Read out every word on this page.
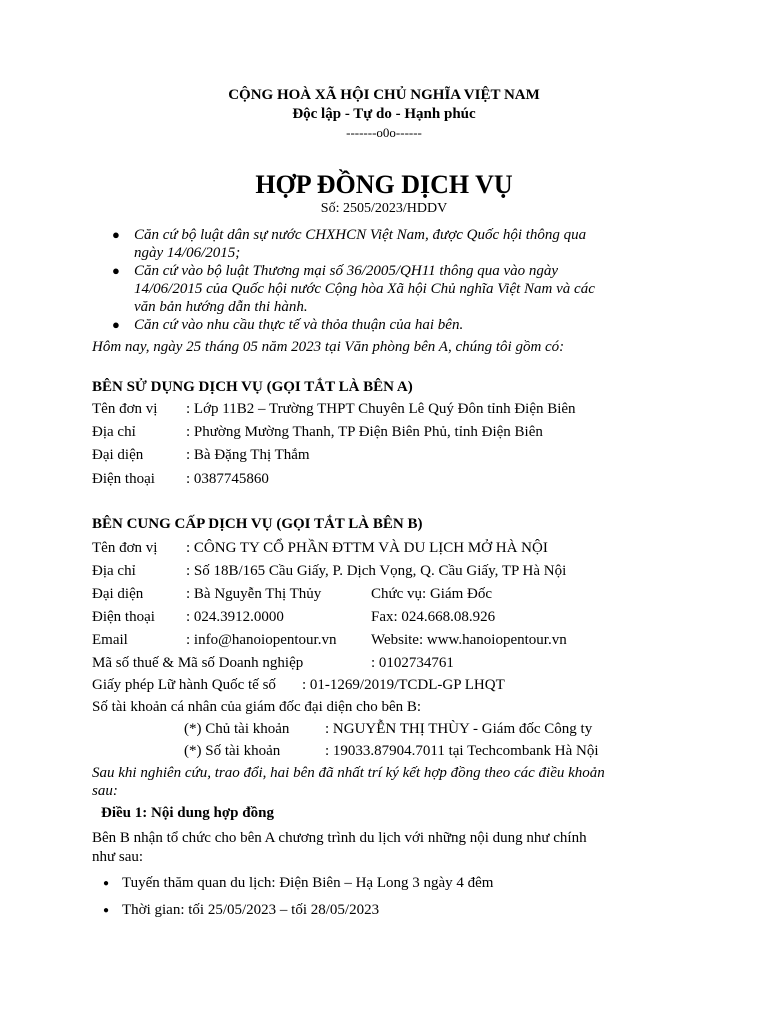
CỘNG HOÀ XÃ HỘI CHỦ NGHĨA VIỆT NAM
Độc lập - Tự do - Hạnh phúc
-------o0o------
HỢP ĐỒNG DỊCH VỤ
Số: 2505/2023/HDDV
● Căn cứ bộ luật dân sự nước CHXHCN Việt Nam, được Quốc hội thông qua
ngày 14/06/2015;
● Căn cứ vào bộ luật Thương mại số 36/2005/QH11 thông qua vào ngày
14/06/2015 của Quốc hội nước Cộng hòa Xã hội Chủ nghĩa Việt Nam và các
văn bản hướng dẫn thi hành.
● Căn cứ vào nhu cầu thực tế và thỏa thuận của hai bên.
Hôm nay, ngày 25 tháng 05 năm 2023 tại Văn phòng bên A, chúng tôi gồm có:
BÊN SỬ DỤNG DỊCH VỤ (GỌI TẮT LÀ BÊN A)
Tên đơn vị : Lớp 11B2 – Trường THPT Chuyên Lê Quý Đôn tỉnh Điện Biên
Địa chỉ	: Phường Mường Thanh, TP Điện Biên Phủ, tỉnh Điện Biên
Đại diện	: Bà Đặng Thị Thắm
Điện thoại : 0387745860
BÊN CUNG CẤP DỊCH VỤ (GỌI TẮT LÀ BÊN B)
Tên đơn vị : CÔNG TY CỔ PHẦN ĐTTM VÀ DU LỊCH MỞ HÀ NỘI
Địa chỉ	: Số 18B/165 Cầu Giấy, P. Dịch Vọng, Q. Cầu Giấy, TP Hà Nội
Đại diện	: Bà Nguyễn Thị Thủy	Chức vụ: Giám Đốc
Điện thoại : 024.3912.0000	Fax: 024.668.08.926
Email	: info@hanoiopentour.vn Website: www.hanoiopentour.vn
Mã số thuế & Mã số Doanh nghiệp	: 0102734761
Giấy phép Lữ hành Quốc tế số : 01-1269/2019/TCDL-GP LHQT
Số tài khoản cá nhân của giám đốc đại diện cho bên B:
(*) Chủ tài khoản : NGUYỄN THỊ THÙY - Giám đốc Công ty
(*) Số tài khoản	: 19033.87904.7011 tại Techcombank Hà Nội
Sau khi nghiên cứu, trao đổi, hai bên đã nhất trí ký kết hợp đồng theo các điều khoản
sau:
Điều 1: Nội dung hợp đồng
Bên B nhận tổ chức cho bên A chương trình du lịch với những nội dung như chính
như sau:
● Tuyến thăm quan du lịch: Điện Biên – Hạ Long 3 ngày 4 đêm
● Thời gian: tối 25/05/2023 – tối 28/05/2023
